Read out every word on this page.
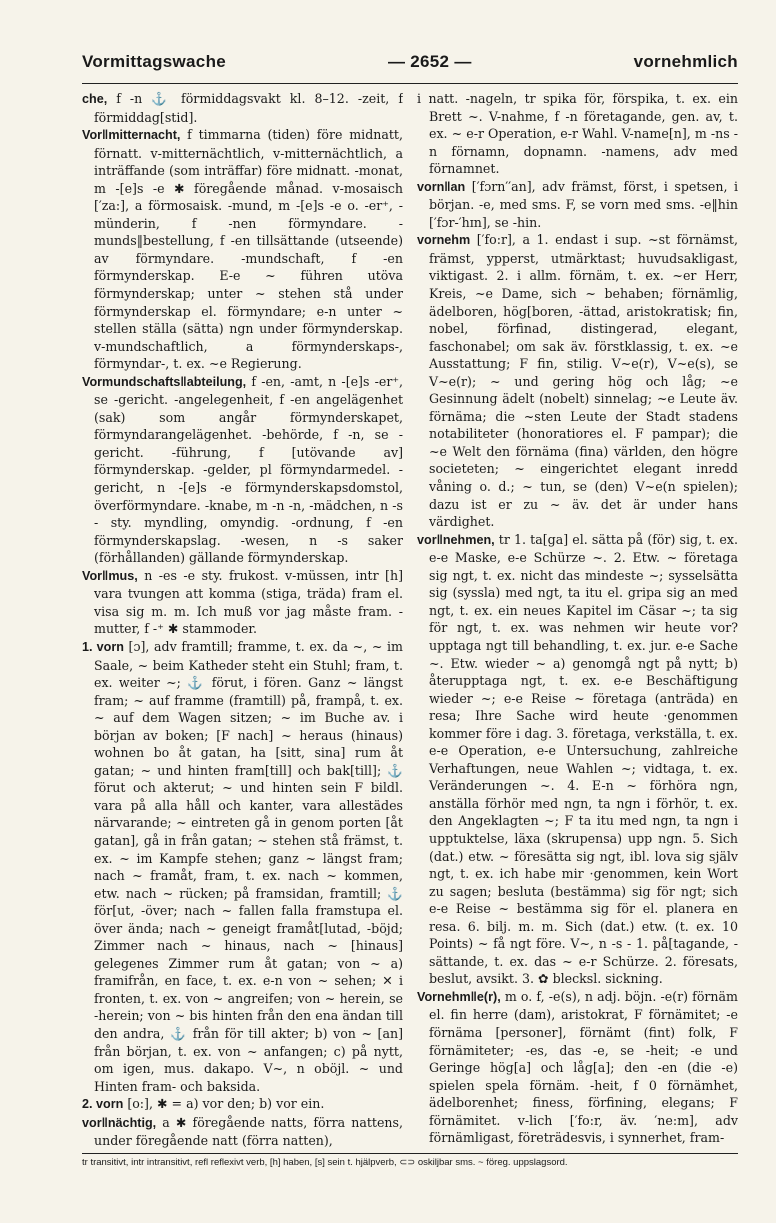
Vormittagswache	— 2652 —	vornehmlich

che, f -n ⚓ förmiddagsvakt kl. 8–12. -zeit, f förmiddag[stid].

Vor‖mitternacht, f timmarna (tiden) före midnatt, förnatt. v-mitternächtlich, v-mitternächtlich, a inträffande (som inträffar) före midnatt. -monat, m -[e]s -e ✱ föregående månad. v-mosaisch [′za:], a förmosaisk. -mund, m -[e]s -e o. -er⁺, -münderin, f -nen förmyndare. -munds‖bestellung, f -en tillsättande (utseende) av förmyndare. -mundschaft, f -en förmynderskap. E-e ~ führen utöva förmynderskap; unter ~ stehen stå under förmynderskap el. förmyndare; e-n unter ~ stellen ställa (sätta) ngn under förmynderskap. v-mundschaftlich, a förmynderskaps-, förmyndar-, t. ex. ~e Regierung.

Vormundschafts‖abteilung, f -en, -amt, n -[e]s -er⁺, se -gericht. -angelegenheit, f -en angelägenhet (sak) som angår förmynderskapet, förmyndarangelägenhet. -behörde, f -n, se -gericht. -führung, f [utövande av] förmynderskap. -gelder, pl förmyndarmedel. -gericht, n -[e]s -e förmynderskapsdomstol, överförmyndare. -knabe, m -n -n, -mädchen, n -s - sty. myndling, omyndig. -ordnung, f -en förmynderskapslag. -wesen, n -s saker (förhållanden) gällande förmynderskap.

Vor‖mus, n -es -e sty. frukost. v-müssen, intr [h] vara tvungen att komma (stiga, träda) fram el. visa sig m. m. Ich muß vor jag måste fram. -mutter, f -⁺ ✱ stammoder.

1. vorn [ɔ], adv framtill; framme, t. ex. da ~, ~ im Saale, ~ beim Katheder steht ein Stuhl; fram, t. ex. weiter ~; ⚓ förut, i fören. Ganz ~ längst fram; ~ auf framme (framtill) på, frampå, t. ex. ~ auf dem Wagen sitzen; ~ im Buche av. i början av boken; [F nach] ~ heraus (hinaus) wohnen bo åt gatan, ha [sitt, sina] rum åt gatan; ~ und hinten fram[till] och bak[till]; ⚓ förut och akterut; ~ und hinten sein F bildl. vara på alla håll och kanter, vara allestädes närvarande; ~ eintreten gå in genom porten [åt gatan], gå in från gatan; ~ stehen stå främst, t. ex. ~ im Kampfe stehen; ganz ~ längst fram; nach ~ framåt, fram, t. ex. nach ~ kommen, etw. nach ~ rücken; på framsidan, framtill; ⚓ för[ut, -över; nach ~ fallen falla framstupa el. över ända; nach ~ geneigt framåt[lutad, -böjd; Zimmer nach ~ hinaus, nach ~ [hinaus] gelegenes Zimmer rum åt gatan; von ~ a) framifrån, en face, t. ex. e-n von ~ sehen; ✕ i fronten, t. ex. von ~ angreifen; von ~ herein, se -herein; von ~ bis hinten från den ena ändan till den andra, ⚓ från för till akter; b) von ~ [an] från början, t. ex. von ~ anfangen; c) på nytt, om igen, mus. dakapo. V~, n oböjl. ~ und Hinten fram- och baksida.

2. vorn [o:], ✱ = a) vor den; b) vor ein.

vor‖nächtig, a ✱ föregående natts, förra nattens, under föregående natt (förra natten),

i natt. -nageln, tr spika för, förspika, t. ex. ein Brett ~. V-nahme, f -n företagande, gen. av, t. ex. ~ e-r Operation, e-r Wahl. V-name[n], m -ns -n förnamn, dopnamn. -namens, adv med förnamnet.

vorn‖an [′fɔrn′′an], adv främst, först, i spetsen, i början. -e, med sms. F, se vorn med sms. -e‖hin [′fɔr-′hɪn], se -hin.

vornehm [′fo:r], a 1. endast i sup. ~st förnämst, främst, ypperst, utmärktast; huvudsakligast, viktigast. 2. i allm. förnäm, t. ex. ~er Herr, Kreis, ~e Dame, sich ~ behaben; förnämlig, ädelboren, hög[boren, -ättad, aristokratisk; fin, nobel, förfinad, distingerad, elegant, faschonabel; om sak äv. förstklassig, t. ex. ~e Ausstattung; F fin, stilig. V~e(r), V~e(s), se V~e(r); ~ und gering hög och låg; ~e Gesinnung ädelt (nobelt) sinnelag; ~e Leute äv. förnäma; die ~sten Leute der Stadt stadens notabiliteter (honoratiores el. F pampar); die ~e Welt den förnäma (fina) världen, den högre societeten; ~ eingerichtet elegant inredd våning o. d.; ~ tun, se (den) V~e(n spielen); dazu ist er zu ~ äv. det är under hans värdighet.

vor‖nehmen, tr 1. ta[ga] el. sätta på (för) sig, t. ex. e-e Maske, e-e Schürze ~. 2. Etw. ~ företaga sig ngt, t. ex. nicht das mindeste ~; sysselsätta sig (syssla) med ngt, ta itu el. gripa sig an med ngt, t. ex. ein neues Kapitel im Cäsar ~; ta sig för ngt, t. ex. was nehmen wir heute vor? upptaga ngt till behandling, t. ex. jur. e-e Sache ~. Etw. wieder ~ a) genomgå ngt på nytt; b) återupptaga ngt, t. ex. e-e Beschäftigung wieder ~; e-e Reise ~ företaga (anträda) en resa; Ihre Sache wird heute ·genommen kommer före i dag. 3. företaga, verkställa, t. ex. e-e Operation, e-e Untersuchung, zahlreiche Verhaftungen, neue Wahlen ~; vidtaga, t. ex. Veränderungen ~. 4. E-n ~ förhöra ngn, anställa förhör med ngn, ta ngn i förhör, t. ex. den Angeklagten ~; F ta itu med ngn, ta ngn i upptuktelse, läxa (skrupensa) upp ngn. 5. Sich (dat.) etw. ~ föresätta sig ngt, ibl. lova sig själv ngt, t. ex. ich habe mir ·genommen, kein Wort zu sagen; besluta (bestämma) sig för ngt; sich e-e Reise ~ bestämma sig för el. planera en resa. 6. bilj. m. m. Sich (dat.) etw. (t. ex. 10 Points) ~ få ngt före. V~, n -s - 1. på[tagande, -sättande, t. ex. das ~ e-r Schürze. 2. föresats, beslut, avsikt. 3. ✿ blecksl. sickning.

Vornehm‖e(r), m o. f, -e(s), n adj. böjn. -e(r) förnäm el. fin herre (dam), aristokrat, F förnämitet; -e förnäma [personer], förnämt (fint) folk, F förnämiteter; -es, das -e, se -heit; -e und Geringe hög[a] och låg[a]; den -en (die -e) spielen spela förnäm. -heit, f 0 förnämhet, ädelborenhet; finess, förfining, elegans; F förnämitet. v-lich [′fo:r, äv. ′ne:m], adv förnämligast, företrädesvis, i synnerhet, fram-

tr transitivt, intr intransitivt, refl reflexivt verb, [h] haben, [s] sein t. hjälpverb, ⊂⊃ oskiljbar sms. ~ föreg. uppslagsord.
